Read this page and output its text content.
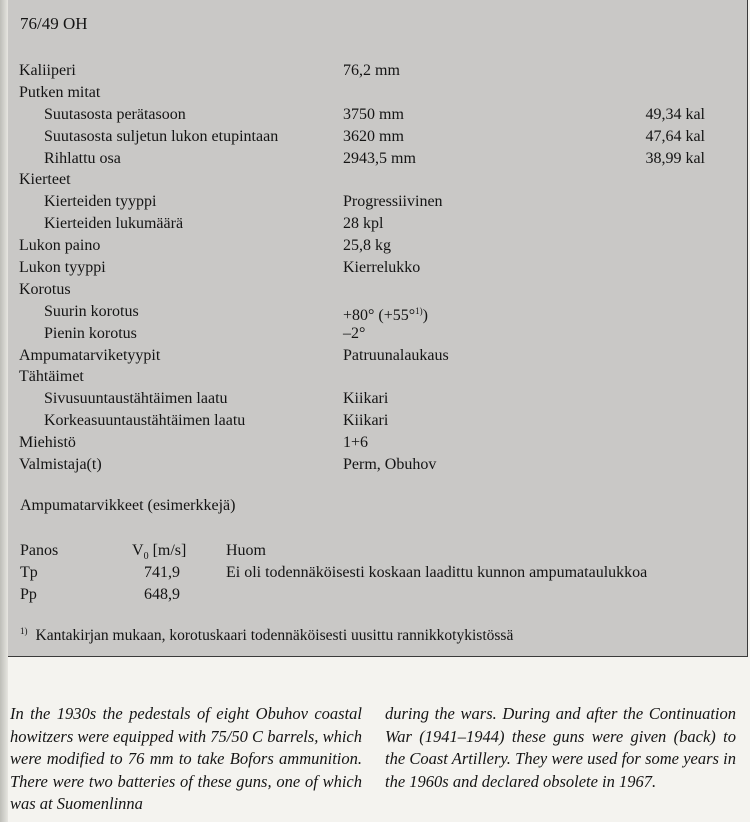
76/49 OH
Kaliiperi	76,2 mm
Putken mitat
Suutasosta perätasoon	3750 mm	49,34 kal
Suutasosta suljetun lukon etupintaan	3620 mm	47,64 kal
Rihlattu osa	2943,5 mm	38,99 kal
Kierteet
Kierteiden tyyppi	Progressiivinen
Kierteiden lukumäärä	28 kpl
Lukon paino	25,8 kg
Lukon tyyppi	Kierrelukko
Korotus
Suurin korotus	+80° (+55°$^{1)}$)
Pienin korotus	–2°
Ampumatarviketyypit	Patruunalaukaus
Tähtäimet
Sivusuuntaustähtäimen laatu	Kiikari
Korkeasuuntaustähtäimen laatu	Kiikari
Miehistö	1+6
Valmistaja(t)	Perm, Obuhov
Ampumatarvikkeet (esimerkkejä)
Panos	$V_0$ [m/s] Huom
Tp	741,9	Ei oli todennäköisesti koskaan laadittu kunnon ampumataulukkoa
Pp	648,9
$^{1)}$ Kantakirjan mukaan, korotuskaari todennäköisesti uusittu rannikkotykistössä
In the 1930s the pedestals of eight Obuhov coastal howitzers were equipped with 75/50 C barrels, which were modified to 76 mm to take Bofors ammunition. There were two batteries of these guns, one of which was at Suomenlinna
during the wars. During and after the Continuation War (1941–1944) these guns were given (back) to the Coast Artillery. They were used for some years in the 1960s and declared obsolete in 1967.
